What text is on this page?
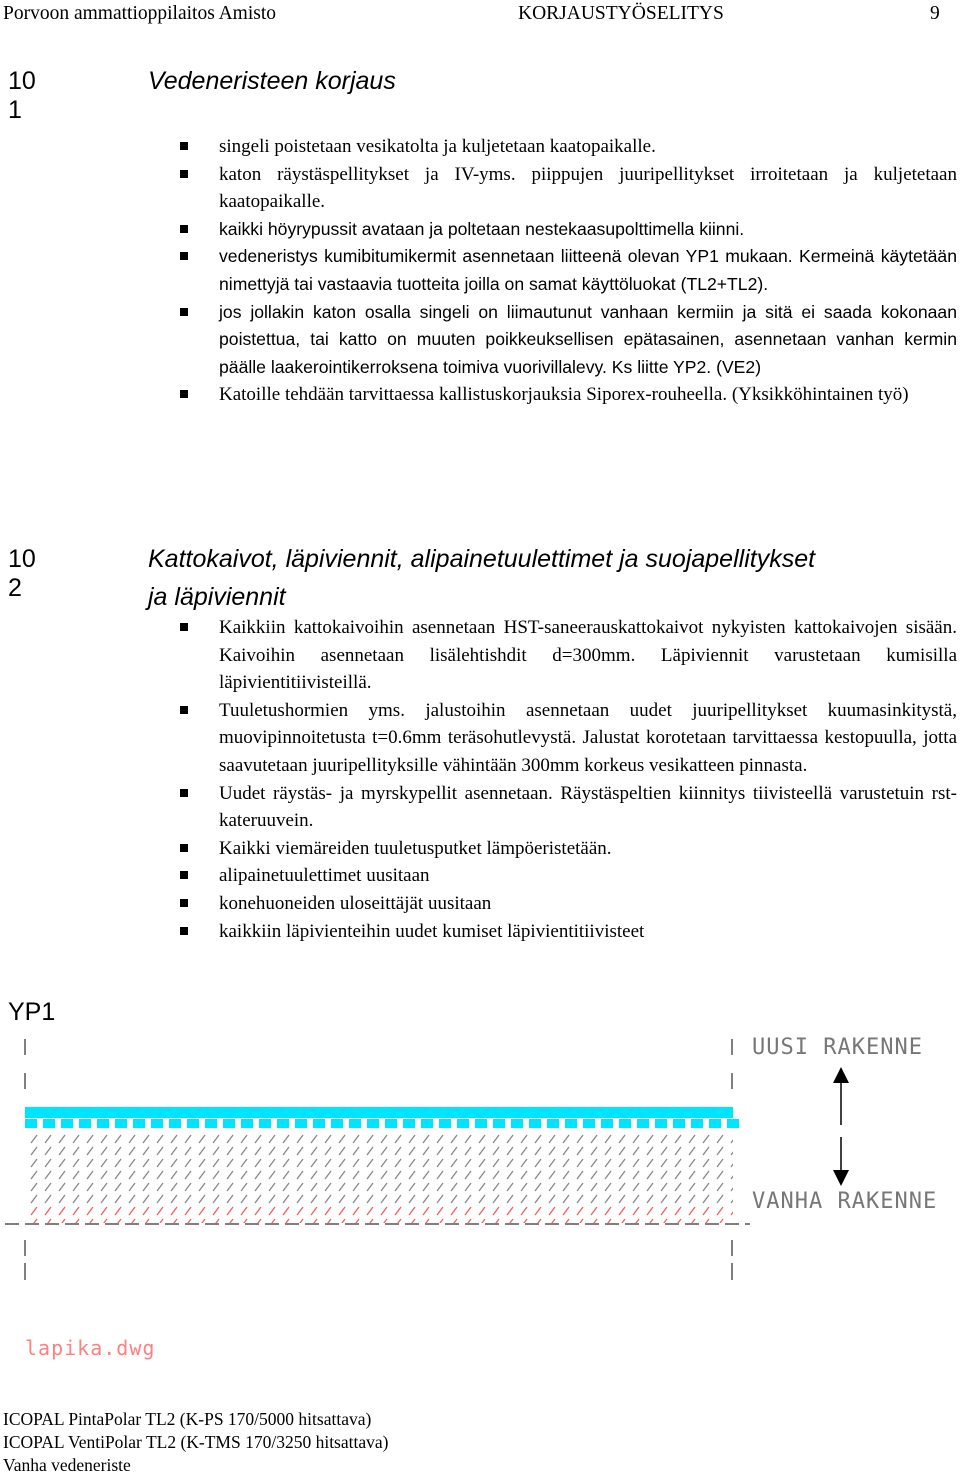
Porvoon ammattioppilaitos Amisto	KORJAUSTYÖSELITYS	9
10 1
Vedeneristeen korjaus
singeli poistetaan vesikatolta ja kuljetetaan kaatopaikalle.
katon räystäspellitykset ja IV-yms. piippujen juuripellitykset irroitetaan ja kuljetetaan kaatopaikalle.
kaikki höyrypussit avataan ja poltetaan nestekaasupolttimella kiinni.
vedeneristys kumibitumikermit asennetaan liitteenä olevan YP1 mukaan. Kermeinä käytetään nimettyjä tai vastaavia tuotteita joilla on samat käyttöluokat (TL2+TL2).
jos jollakin katon osalla singeli on liimautunut vanhaan kermiin ja sitä ei saada kokonaan poistettua, tai katto on muuten poikkeuksellisen epätasainen, asennetaan vanhan kermin päälle laakerointikerroksena toimiva vuorivillalevy. Ks liitte YP2. (VE2)
Katoille tehdään tarvittaessa kallistuskorjauksia Siporex-rouheella. (Yksikköhintainen työ)
10 2
Kattokaivot, läpiviennit, alipainetuulettimet ja suojapellitykset
ja läpiviennit
Kaikkiin kattokaivoihin asennetaan HST-saneerauskattokaivot nykyisten kattokaivojen sisään. Kaivoihin asennetaan lisälehtishdit d=300mm. Läpiviennit varustetaan kumisilla läpivientitiivisteillä.
Tuuletushormien yms. jalustoihin asennetaan uudet juuripellitykset kuumasinkitystä, muovipinnoitetusta t=0.6mm teräsohutlevystä. Jalustat korotetaan tarvittaessa kestopuulla, jotta saavutetaan juuripellityksille vähintään 300mm korkeus vesikatteen pinnasta.
Uudet räystäs- ja myrskypellit asennetaan. Räystäspeltien kiinnitys tiivisteellä varustetuin rst-kateruuvein.
Kaikki viemäreiden tuuletusputket lämpöeristetään.
alipainetuulettimet uusitaan
konehuoneiden uloseittäjät uusitaan
kaikkiin läpivienteihin uudet kumiset läpivientitiivisteet
YP1
UUSI RAKENNE
VANHA RAKENNE
lapika.dwg
ICOPAL PintaPolar TL2 (K-PS 170/5000 hitsattava)
ICOPAL VentiPolar TL2 (K-TMS 170/3250 hitsattava)
Vanha vedeneriste
